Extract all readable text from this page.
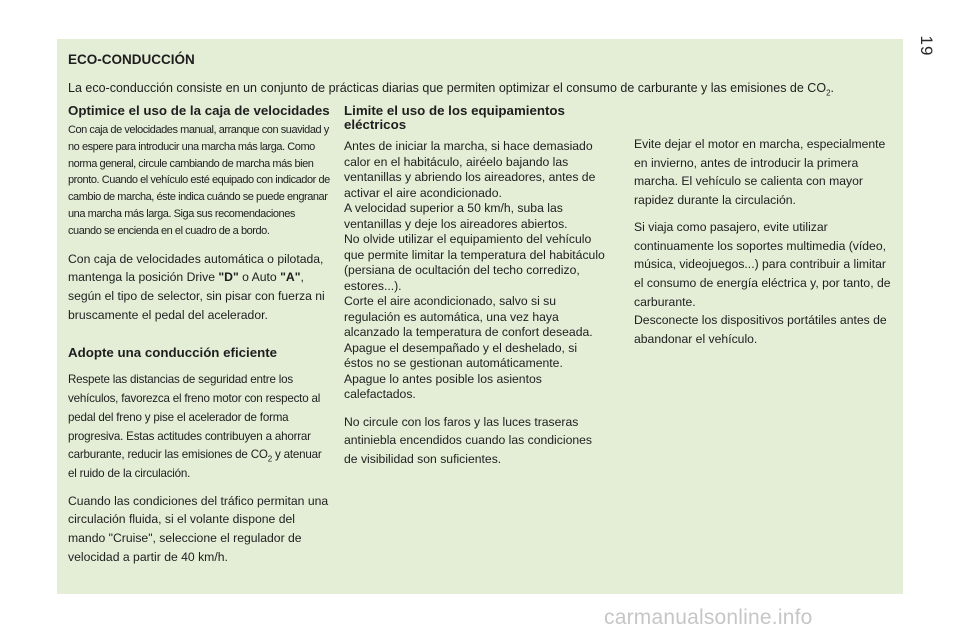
19
ECO-CONDUCCIÓN

La eco-conducción consiste en un conjunto de prácticas diarias que permiten optimizar el consumo de carburante y las emisiones de $CO_2$.

Optimice el uso de la caja de velocidades

Con caja de velocidades manual, arranque con suavidad y no espere para introducir una marcha más larga. Como norma general, circule cambiando de marcha más bien pronto. Cuando el vehículo esté equipado con indicador de cambio de marcha, éste indica cuándo se puede engranar una marcha más larga. Siga sus recomendaciones cuando se encienda en el cuadro de a bordo.

Con caja de velocidades automática o pilotada, mantenga la posición Drive "D" o Auto "A", según el tipo de selector, sin pisar con fuerza ni bruscamente el pedal del acelerador.

Adopte una conducción eficiente

Respete las distancias de seguridad entre los vehículos, favorezca el freno motor con respecto al pedal del freno y pise el acelerador de forma progresiva. Estas actitudes contribuyen a ahorrar carburante, reducir las emisiones de $CO_2$ y atenuar el ruido de la circulación.

Cuando las condiciones del tráfico permitan una circulación fluida, si el volante dispone del mando "Cruise", seleccione el regulador de velocidad a partir de 40 km/h.

Limite el uso de los equipamientos eléctricos

Antes de iniciar la marcha, si hace demasiado calor en el habitáculo, airéelo bajando las ventanillas y abriendo los aireadores, antes de activar el aire acondicionado.

A velocidad superior a 50 km/h, suba las ventanillas y deje los aireadores abiertos.

No olvide utilizar el equipamiento del vehículo que permite limitar la temperatura del habitáculo (persiana de ocultación del techo corredizo, estores...).

Corte el aire acondicionado, salvo si su regulación es automática, una vez haya alcanzado la temperatura de confort deseada.

Apague el desempañado y el deshelado, si éstos no se gestionan automáticamente.

Apague lo antes posible los asientos calefactados.

No circule con los faros y las luces traseras antiniebla encendidos cuando las condiciones de visibilidad son suficientes.

Evite dejar el motor en marcha, especialmente en invierno, antes de introducir la primera marcha. El vehículo se calienta con mayor rapidez durante la circulación.

Si viaja como pasajero, evite utilizar continuamente los soportes multimedia (vídeo, música, videojuegos...) para contribuir a limitar el consumo de energía eléctrica y, por tanto, de carburante.

Desconecte los dispositivos portátiles antes de abandonar el vehículo.

carmanualsonline.info
